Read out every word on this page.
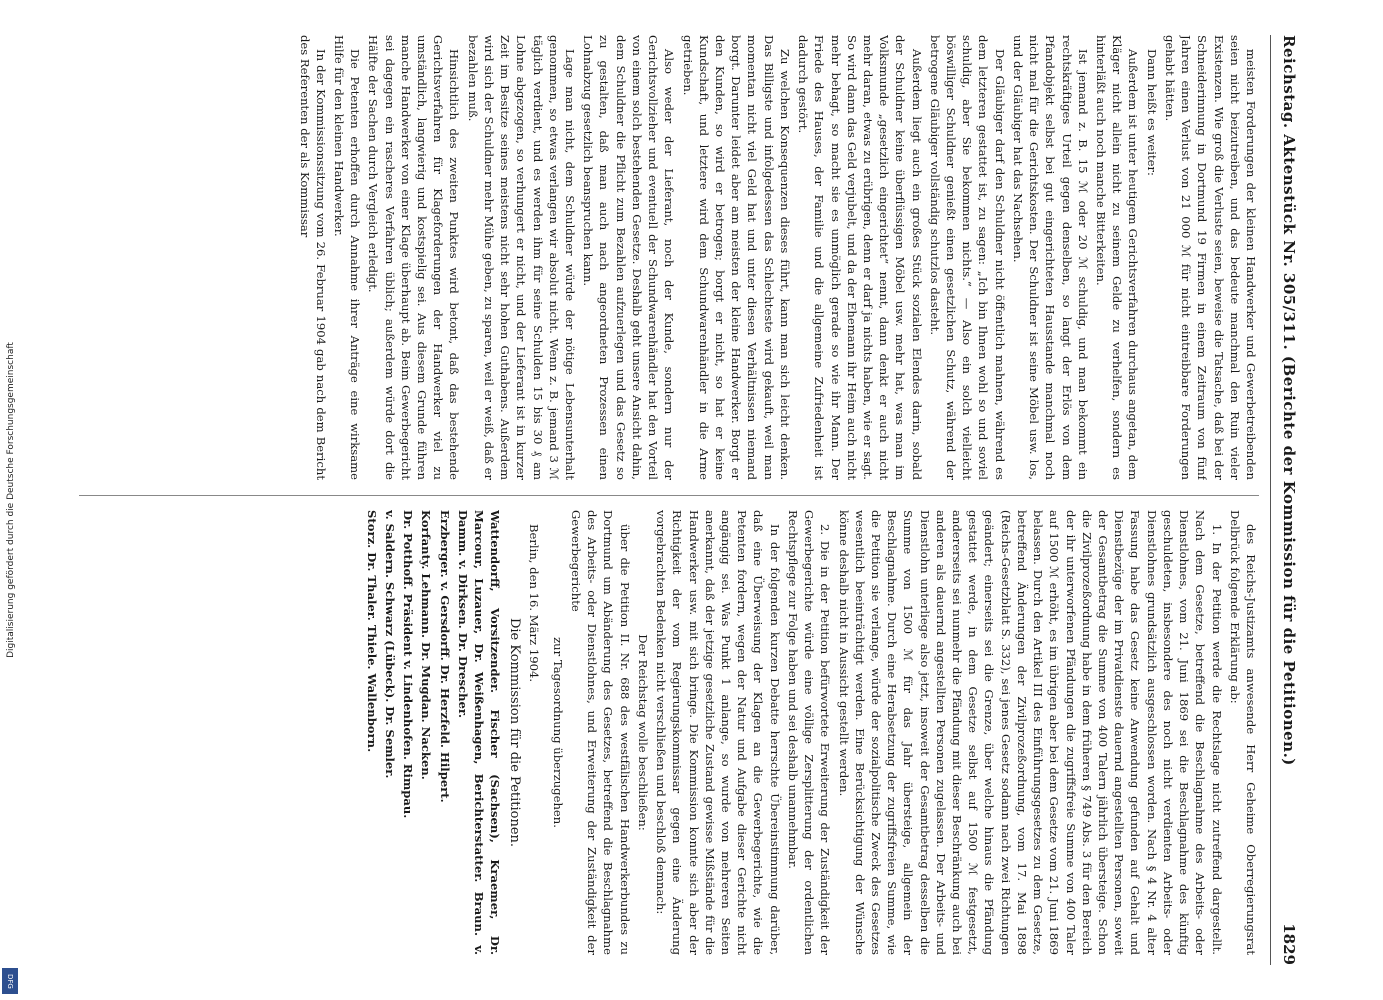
Reichstag. Aktenstück Nr. 305/311. (Berichte der Kommission für die Petitionen.)
1829

meisten Forderungen der kleinen Handwerker und Gewerbetreibenden seien nicht beizutreiben, und das bedeute manchmal den Ruin vieler Existenzen. Wie groß die Verluste seien, beweise die Tatsache, daß bei der Schneiderinnung in Dortmund 19 Firmen in einem Zeitraum von fünf Jahren einen Verlust von 21 000 ℳ für nicht eintreibbare Forderungen gehabt hätten.

Dann heißt es weiter:

Außerdem ist unter heutigem Gerichtsverfahren durchaus angetan, dem Kläger nicht allein nicht zu seinem Gelde zu verhelfen, sondern es hinterläßt auch noch manche Bitterkeiten.

Ist jemand z. B. 15 ℳ oder 20 ℳ schuldig, und man bekommt ein rechtskräftiges Urteil gegen denselben, so langt der Erlös von dem Pfandobjekt selbst bei gut eingerichteten Hausstande manchmal noch nicht mal für die Gerichtskosten. Der Schuldner ist seine Möbel usw. los, und der Gläubiger hat das Nachsehen.

Der Gläubiger darf den Schuldner nicht öffentlich mahnen, während es dem letzteren gestattet ist, zu sagen: „Ich bin Ihnen wohl so und soviel schuldig, aber Sie bekommen nichts.“ — Also ein solch vielleicht böswilliger Schuldner genießt einen gesetzlichen Schutz, während der betrogene Gläubiger vollständig schutzlos dasteht.

Außerdem liegt auch ein großes Stück sozialen Elendes darin, sobald der Schuldner keine überflüssigen Möbel usw. mehr hat, was man im Volksmunde „gesetzlich eingerichtet“ nennt, dann denkt er auch nicht mehr daran, etwas zu erübrigen, denn er darf ja nichts haben, wie er sagt. So wird dann das Geld verjubelt, und da der Ehemann ihr Heim auch nicht mehr behagt, so macht sie es unmöglich gerade so wie ihr Mann. Der Friede des Hauses, der Familie und die allgemeine Zufriedenheit ist dadurch gestört.

Zu welchen Konsequenzen dieses führt, kann man sich leicht denken. Das Billigste und infolgedessen das Schlechteste wird gekauft, weil man momentan nicht viel Geld hat und unter diesen Verhältnissen niemand borgt. Darunter leidet aber am meisten der kleine Handwerker. Borgt er den Kunden, so wird er betrogen; borgt er nicht, so hat er keine Kundschaft, und letztere wird dem Schundwarenhändler in die Arme getrieben.

Also weder der Lieferant, noch der Kunde, sondern nur der Gerichtsvollzieher und eventuell der Schundwarenhändler hat den Vorteil von einem solch bestehenden Gesetze. Deshalb geht unsere Ansicht dahin, dem Schuldner die Pflicht zum Bezahlen aufzuerlegen und das Gesetz so zu gestalten, daß man auch nach angeordneten Prozessen einen Lohnabzug gesetzlich beanspruchen kann.

Lage man nicht, dem Schuldner würde der nötige Lebensunterhalt genommen, so etwas verlangen wir absolut nicht. Wenn z. B. jemand 3 ℳ täglich verdient, und es werden ihm für seine Schulden 15 bis 30 ₰ am Lohne abgezogen, so verhungert er nicht, und der Lieferant ist in kurzer Zeit im Besitze seines meistens nicht sehr hohen Guthabens. Außerdem wird sich der Schuldner mehr Mühe geben, zu sparen, weil er weiß, daß er bezahlen muß.

Hinsichtlich des zweiten Punktes wird betont, daß das bestehende Gerichtsverfahren für Klageforderungen der Handwerker viel zu umständlich, langwierig und kostspielig sei. Aus diesem Grunde führen manche Handwerker von einer Klage überhaupt ab. Beim Gewerbegericht sei dagegen ein rascheres Verfahren üblich; außerdem würde dort die Hälfte der Sachen durch Vergleich erledigt.

Die Petenten erhoffen durch Annahme ihrer Anträge eine wirksame Hilfe für den kleinen Handwerker.

In der Kommissionssitzung vom 26. Februar 1904 gab nach dem Bericht des Referenten der als Kommissar

des Reichs-Justizamts anwesende Herr Geheime Oberregierungsrat Delbrück folgende Erklärung ab:

1. In der Petition werde die Rechtslage nicht zutreffend dargestellt. Nach dem Gesetze, betreffend die Beschlagnahme des Arbeits- oder Dienstlohnes, vom 21. Juni 1869 sei die Beschlagnahme des künftig geschuldeten, insbesondere des noch nicht verdienten Arbeits- oder Dienstlohnes grundsätzlich ausgeschlossen worden. Nach § 4 Nr. 4 alter Fassung habe das Gesetz keine Anwendung gefunden auf Gehalt und Dienstbezüge der im Privatdienste dauernd angestellten Personen, soweit der Gesamtbetrag die Summe von 400 Talern jährlich übersteige. Schon die Zivilprozeßordnung habe in dem früheren § 749 Abs. 3 für den Bereich der ihr unterworfenen Pfändungen die zugriffsfreie Summe von 400 Taler auf 1500 ℳ erhöht, es im übrigen aber bei dem Gesetze vom 21. Juni 1869 belassen. Durch den Artikel III des Einführungsgesetzes zu dem Gesetze, betreffend Änderungen der Zivilprozeßordnung, vom 17. Mai 1898 (Reichs-Gesetzblatt S. 332), sei jenes Gesetz sodann nach zwei Richtungen geändert; einerseits sei die Grenze, über welche hinaus die Pfändung gestattet werde, in dem Gesetze selbst auf 1500 ℳ festgesetzt, andererseits sei nunmehr die Pfändung mit dieser Beschränkung auch bei anderen als dauernd angestellten Personen zugelassen. Der Arbeits- und Dienstlohn unterliege also jetzt, insoweit der Gesamtbetrag desselben die Summe von 1500 ℳ für das Jahr übersteige, allgemein der Beschlagnahme. Durch eine Herabsetzung der zugriffsfreien Summe, wie die Petition sie verlange, würde der sozialpolitische Zweck des Gesetzes wesentlich beeinträchtigt werden. Eine Berücksichtigung der Wünsche könne deshalb nicht in Aussicht gestellt werden.

2. Die in der Petition befürwortete Erweiterung der Zuständigkeit der Gewerbegerichte würde eine völlige Zersplitterung der ordentlichen Rechtspflege zur Folge haben und sei deshalb unannehmbar.

In der folgenden kurzen Debatte herrschte Übereinstimmung darüber, daß eine Überweisung der Klagen an die Gewerbegerichte, wie die Petenten fordern, wegen der Natur und Aufgabe dieser Gerichte nicht angängig sei. Was Punkt 1 anlange, so wurde von mehreren Seiten anerkannt, daß der jetzige gesetzliche Zustand gewisse Mißstände für die Handwerker usw. mit sich bringe. Die Kommission konnte sich aber der Richtigkeit der vom Regierungskommissar gegen eine Änderung vorgebrachten Bedenken nicht verschließen und beschloß demnach:

Der Reichstag wolle beschließen:

über die Petition II. Nr. 688 des westfälischen Handwerkerbundes zu Dortmund um Abänderung des Gesetzes, betreffend die Beschlagnahme des Arbeits- oder Dienstlohnes, und Erweiterung der Zuständigkeit der Gewerbegerichte

zur Tagesordnung überzugehen.

Berlin, den 16. März 1904.

Die Kommission für die Petitionen.

Wattendorff, Vorsitzender. Fischer (Sachsen), Kraemer, Dr. Marcour, Luzauer, Dr. Weißenhagen, Berichterstatter. Braun. v. Damm. v. Dirksen. Dr. Drescher.

Erzberger. v. Gersdorff. Dr. Herzfeld. Hilpert.

Korfanty. Lehmann. Dr. Mugdan. Nacken.

Dr. Potthoff. Präsident v. Lindenhofen. Rimpau.

v. Saldern. Schwarz (Lübeck). Dr. Semler.

Storz. Dr. Thaler. Thiele. Wallenborn.

Digitalisierung gefördert durch die Deutsche Forschungsgemeinschaft
DFG
